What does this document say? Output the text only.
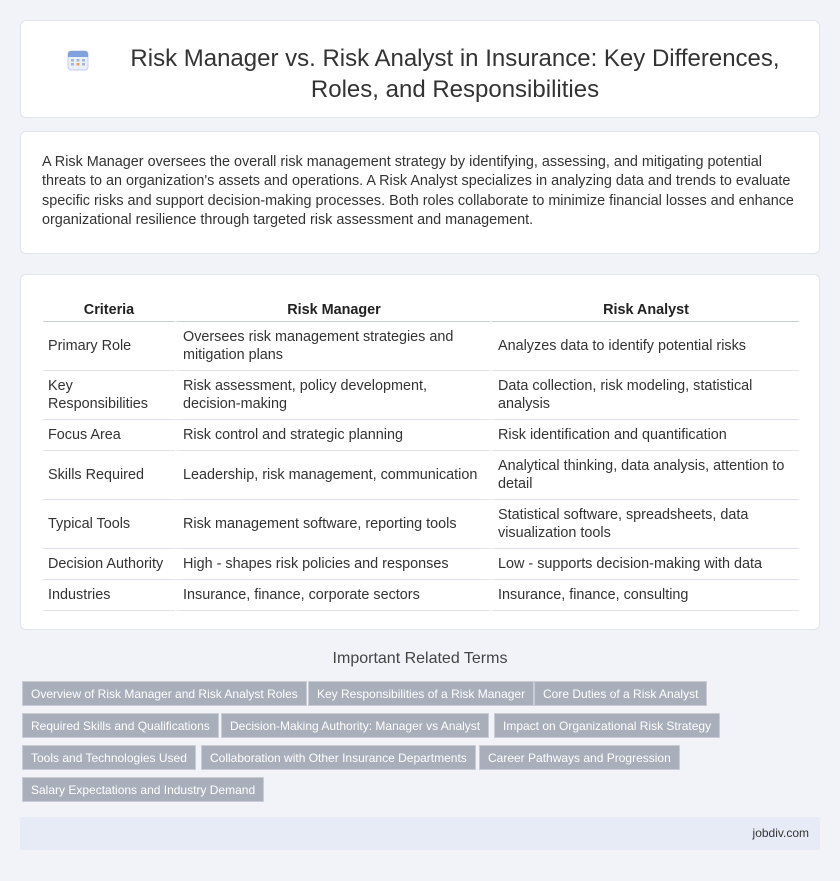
Risk Manager vs. Risk Analyst in Insurance: Key Differences, Roles, and Responsibilities

A Risk Manager oversees the overall risk management strategy by identifying, assessing, and mitigating potential threats to an organization's assets and operations. A Risk Analyst specializes in analyzing data and trends to evaluate specific risks and support decision-making processes. Both roles collaborate to minimize financial losses and enhance organizational resilience through targeted risk assessment and management.

Criteria	Risk Manager	Risk Analyst
Primary Role	Oversees risk management strategies and mitigation plans	Analyzes data to identify potential risks
Key Responsibilities	Risk assessment, policy development, decision-making	Data collection, risk modeling, statistical analysis
Focus Area	Risk control and strategic planning	Risk identification and quantification
Skills Required	Leadership, risk management, communication	Analytical thinking, data analysis, attention to detail
Typical Tools	Risk management software, reporting tools	Statistical software, spreadsheets, data visualization tools
Decision Authority	High - shapes risk policies and responses	Low - supports decision-making with data
Industries	Insurance, finance, corporate sectors	Insurance, finance, consulting
Important Related Terms
Overview of Risk Manager and Risk Analyst Roles	Key Responsibilities of a Risk Manager	Core Duties of a Risk Analyst
Required Skills and Qualifications	Decision-Making Authority: Manager vs Analyst	Impact on Organizational Risk Strategy
Tools and Technologies Used	Collaboration with Other Insurance Departments	Career Pathways and Progression
Salary Expectations and Industry Demand
jobdiv.com
